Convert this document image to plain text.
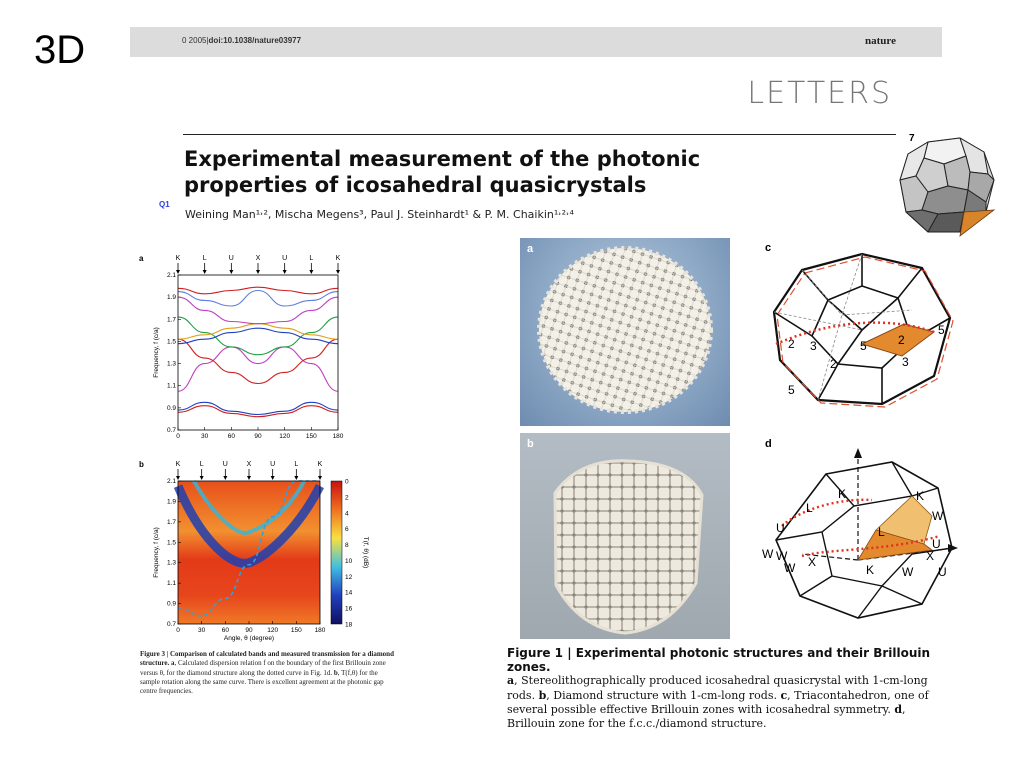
3D	0 2005|doi:10.1038/nature03977	nature
LETTERS
Experimental measurement of the photonic properties of icosahedral quasicrystals
Q1
Weining Man¹˒², Mischa Megens³, Paul J. Steinhardt¹ & P. M. Chaikin¹˒²˒⁴
7
a	K	L	U	X	U	L	K
0	30	60	90	120 150 180
0.7
0.9
1.1
1.3
1.5
1.7
1.9
2.1
Frequency, f (c/a)
b	K	L	U	X	U	L	K
0	30	60	90 120 150 180
0.7
0.9
1.1
1.3
1.5
1.7
1.9
2.1
Frequency, f (c/a)
Angle, θ (degree)
0
2
4
6
8
10
12
14
16
18
T(f, θ) (dB)
Figure 3 | Comparison of calculated bands and measured transmission for a diamond structure. a, Calculated dispersion relation f on the boundary of the first Brillouin zone versus θ, for the diamond structure along the dotted curve in Fig. 1d. b, T(f,θ) for the sample rotation along the same curve. There is excellent agreement at the photonic gap centre frequencies.
a
b
2 3	5
2
2
3
5
5
c
K
L
U
W
L
K
W
U
X
W
X
W	K W U
d
Figure 1 | Experimental photonic structures and their Brillouin zones.
a, Stereolithographically produced icosahedral quasicrystal with 1-cm-long rods. b, Diamond structure with 1-cm-long rods. c, Triacontahedron, one of several possible effective Brillouin zones with icosahedral symmetry. d, Brillouin zone for the f.c.c./diamond structure.
